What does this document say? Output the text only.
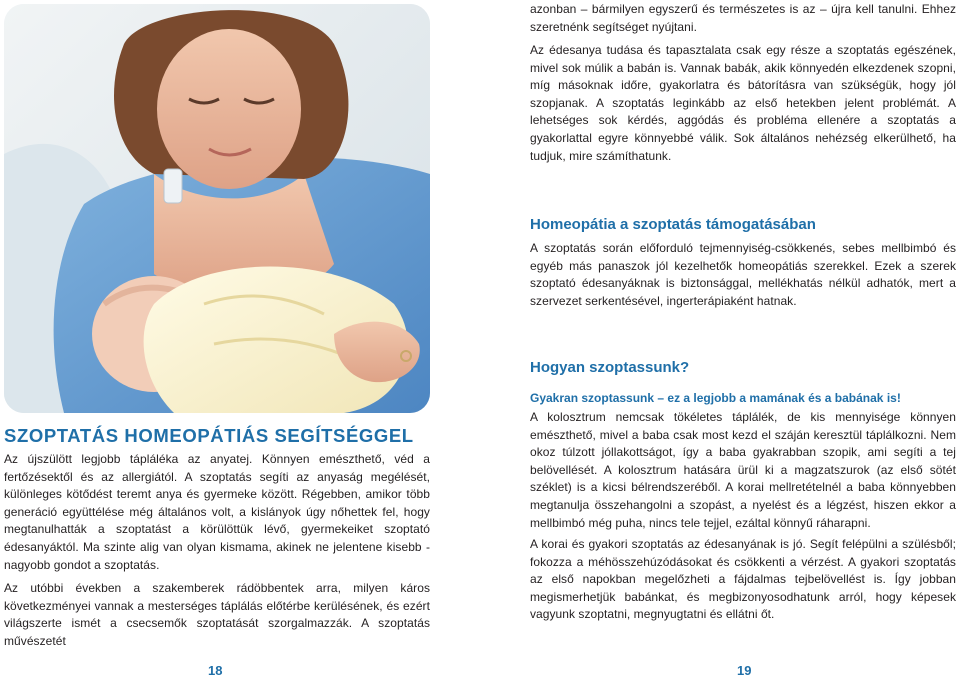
SZOPTATÁS HOMEOPÁTIÁS SEGÍTSÉGGEL

Az újszülött legjobb tápláléka az anyatej. Könnyen emészthető, véd a fertőzésektől és az allergiától. A szoptatás segíti az anyaság megélését, különleges kötődést teremt anya és gyermeke között. Régebben, amikor több generáció együttélése még általános volt, a kislányok úgy nőhettek fel, hogy megtanulhatták a szoptatást a körülöttük lévő, gyermekeiket szoptató édesanyáktól. Ma szinte alig van olyan kismama, akinek ne jelentene kisebb - nagyobb gondot a szoptatás.

Az utóbbi években a szakemberek rádöbbentek arra, milyen káros következményei vannak a mesterséges táplálás előtérbe kerülésének, és ezért világszerte ismét a csecsemők szoptatását szorgalmazzák. A szoptatás művészetét

18

azonban – bármilyen egyszerű és természetes is az – újra kell tanulni. Ehhez szeretnénk segítséget nyújtani.

Az édesanya tudása és tapasztalata csak egy része a szoptatás egészének, mivel sok múlik a babán is. Vannak babák, akik könnyedén elkezdenek szopni, míg másoknak időre, gyakorlatra és bátorításra van szükségük, hogy jól szopjanak. A szoptatás leginkább az első hetekben jelent problémát. A lehetséges sok kérdés, aggódás és probléma ellenére a szoptatás a gyakorlattal egyre könnyebbé válik. Sok általános nehézség elkerülhető, ha tudjuk, mire számíthatunk.

Homeopátia a szoptatás támogatásában

A szoptatás során előforduló tejmennyiség-csökkenés, sebes mellbimbó és egyéb más panaszok jól kezelhetők homeopátiás szerekkel. Ezek a szerek szoptató édesanyáknak is biztonsággal, mellékhatás nélkül adhatók, mert a szervezet serkentésével, ingerterápiaként hatnak.

Hogyan szoptassunk?

Gyakran szoptassunk – ez a legjobb a mamának és a babának is!

A kolosztrum nemcsak tökéletes táplálék, de kis mennyisége könnyen emészthető, mivel a baba csak most kezd el száján keresztül táplálkozni. Nem okoz túlzott jóllakottságot, így a baba gyakrabban szopik, ami segíti a tej belövellését. A kolosztrum hatására ürül ki a magzatszurok (az első sötét széklet) is a kicsi bélrendszeréből. A korai mellretételnél a baba könnyebben megtanulja összehangolni a szopást, a nyelést és a légzést, hiszen ekkor a mellbimbó még puha, nincs tele tejjel, ezáltal könnyű ráharapni.

A korai és gyakori szoptatás az édesanyának is jó. Segít felépülni a szülésből; fokozza a méhösszehúzódásokat és csökkenti a vérzést. A gyakori szoptatás az első napokban megelőzheti a fájdalmas tejbelövellést is. Így jobban megismerhetjük babánkat, és megbizonyosodhatunk arról, hogy képesek vagyunk szoptatni, megnyugtatni és ellátni őt.

19
